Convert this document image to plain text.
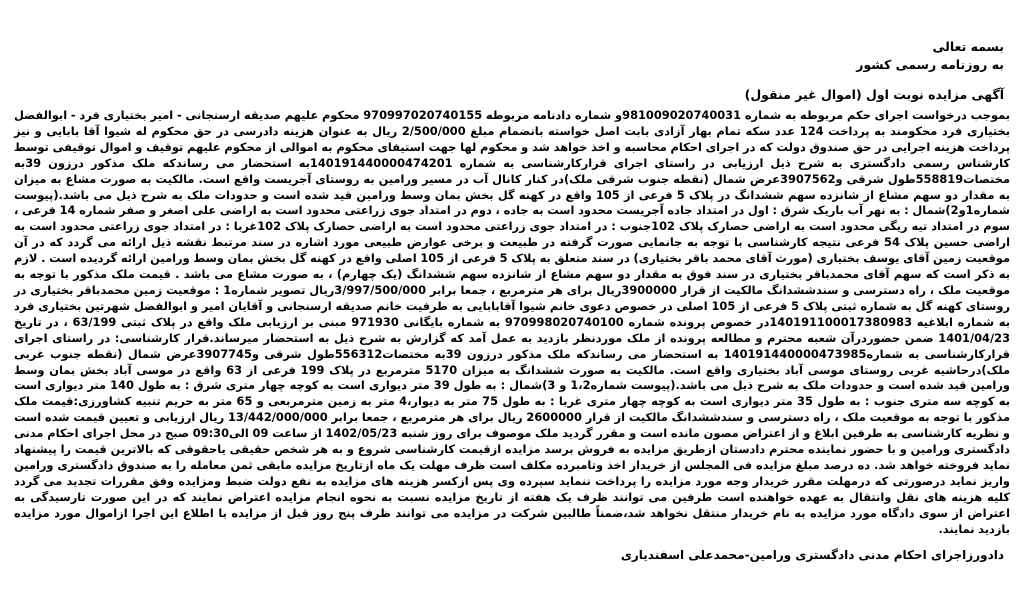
بسمه تعالی
به روزنامه رسمی کشور
آگهی مزایده نوبت اول (اموال غیر منقول)
بموجب درخواست اجرای حکم مربوطه به شماره 981009020740031و شماره دادنامه مربوطه 970997020740155 محکوم علیهم صدیقه ارسنجانی - امیر بختیاری فرد - ابوالفضل بختیاری فرد محکومند به پرداخت 124 عدد سکه تمام بهار آزادی بابت اصل خواسته بانضمام مبلغ 2/500/000 ریال به عنوان هزینه دادرسی در حق محکوم له شیوا آقا بابایی و نیز پرداخت هزینه اجرایی در حق صندوق دولت که در اجرای احکام محاسبه و اخذ خواهد شد و محکوم لها جهت استیفای محکوم به اموالی از محکوم علیهم توقیف و اموال توقیفی توسط کارشناس رسمی دادگستری به شرح ذیل ارزیابی در راستای اجرای قرارکارشناسی به شماره 140191440000474201به استحضار می رساندکه ملک مذکور درزون 39به مختصات558819طول شرقی و3907562عرض شمال (نقطه جنوب شرقی ملک)در کنار کانال آب در مسیر ورامین به روستای آجریست واقع است. مالکیت به صورت مشاع به میزان به مقدار دو سهم مشاع از شانزده سهم ششدانگ در پلاک 5 فرعی از 105 واقع در کهنه گل بخش بمان وسط ورامین قید شده است و حدودات ملک به شرح ذیل می باشد.(پیوست شماره1و2)شمال : به نهر آب باریک شرق : اول در امتداد جاده آجریست محدود است به جاده ، دوم در امتداد جوی زراعتی محدود است به اراضی علی اصغر و صفر شماره 14 فرعی ، سوم در امتداد تیه ریگی محدود است به اراضی حصارک پلاک 102جنوب : در امتداد جوی زراعتی محدود است به اراضی حصارک پلاک 102غربا : در امتداد جوی زراعتی محدود است به اراضی حسین پلاک 54 فرعی نتیجه کارشناسی با توجه به جانمایی صورت گرفته در طبیعت و برخی عوارض طبیعی مورد اشاره در سند مرتبط نقشه ذیل ارائه می گردد که در آن موقعیت زمین آقای یوسف بختیاری (مورث آقای محمد باقر بختیاری) در سند متعلق به پلاک 5 فرعی از 105 اصلی واقع در کهنه گل بخش بمان وسط ورامین ارائه گردیده است . لازم به ذکر است که سهم آقای محمدباقر بختیاری در سند فوق به مقدار دو سهم مشاع از شانزده سهم ششدانگ (یک چهارم) ، به صورت مشاع می باشد . قیمت ملک مذکور با توجه به موقعیت ملک ، راه دسترسی و سندششدانگ مالکیت از قرار 3900000ریال برای هر مترمربع ، جمعا برابر 3/997/500/000ریال تصویر شماره1 : موقعیت زمین محمدباقر بختیاری در روستای کهنه گل به شماره ثبتی پلاک 5 فرعی از 105 اصلی در خصوص دعوی خانم شیوا آقابابایی به طرفیت خانم صدیقه ارسنجانی و آقایان امیر و ابوالفضل شهرتین بختیاری فرد به شماره ابلاغیه 140191100017380983در خصوص پرونده شماره 970998020740100 به شماره بایگانی 971930 مبنی بر ارزیابی ملک واقع در پلاک ثبتی 63/199 ، در تاریخ 1401/04/23 ضمن حضوردرآن شعبه محترم و مطالعه پرونده از ملک موردنظر بازدید به عمل آمد که گزارش به شرح ذیل به استحضار میرساند.قرار کارشناسی: در راستای اجرای قرارکارشناسی به شماره140191440000473985 به استحضار می رساندکه ملک مذکور درزون 39به مختصات556312طول شرقی و3907745عرض شمال (نقطه جنوب غربی ملک)درحاشیه غربی روستای موسی آباد بختیاری واقع است. مالکیت به صورت ششدانگ به میزان 5170 مترمربع در پلاک 199 فرعی از 63 واقع در موسی آباد بخش بمان وسط ورامین قید شده است و حدودات ملک به شرح ذیل می باشد.(پیوست شماره1،2 و 3)شمال : به طول 39 متر دیواری است به کوچه چهار متری شرق : به طول 140 متر دیواری است به کوچه سه متری جنوب : به طول 35 متر دیواری است به کوچه چهار متری غربا : به طول 75 متر به دیوار،4 متر به زمین مترمربعی و 65 متر به حریم تنبیه کشاورزی:قیمت ملک مذکور با توجه به موقعیت ملک ، راه دسترسی و سندششدانگ مالکیت از قرار 2600000 ریال برای هر مترمربع ، جمعا برابر 13/442/000/000 ریال ارزیابی و تعیین قیمت شده است و نظریه کارشناسی به طرفین ابلاغ و از اعتراض مصون مانده است و مقرر گردید ملک موصوف برای روز شنبه 1402/05/23 از ساعت 09 الی09:30 صبح در محل اجرای احکام مدنی دادگستری ورامین و با حضور نماینده محترم دادستان ازطریق مزایده به فروش برسد مزایده ازقیمت کارشناسی شروع و به هر شخص حقیقی یاحقوقی که بالاترین قیمت را پیشنهاد نماید فروخته خواهد شد. ده درصد مبلغ مزایده فی المجلس از خریدار اخذ وتامبرده مکلف است ظرف مهلت یک ماه ازتاریخ مزایده مابقی ثمن معامله را به صندوق دادگستری ورامین واریز نماید درصورتی که درمهلت مقرر خریدار وجه مورد مزایده را پرداخت ننماید سپرده وی پس ازکسر هزینه های مزایده به نفع دولت ضبط ومزایده وفق مقررات تجدید می گردد کلیه هزینه های نقل وانتقال به عهده خواهنده است طرفین می توانند ظرف یک هفته از تاریخ مزایده نسبت به نحوه انجام مزایده اعتراض نمایند که در این صورت تارسیدگی به اعتراض از سوی دادگاه مورد مزایده به نام خریدار منتقل نخواهد شد،ضمناً طالبین شرکت در مزایده می توانند ظرف پنج روز قبل از مزایده با اطلاع این اجرا ازاموال مورد مزایده بازدید نمایند.
دادورزاجرای احکام مدنی دادگستری ورامین-محمدعلی اسفندیاری
